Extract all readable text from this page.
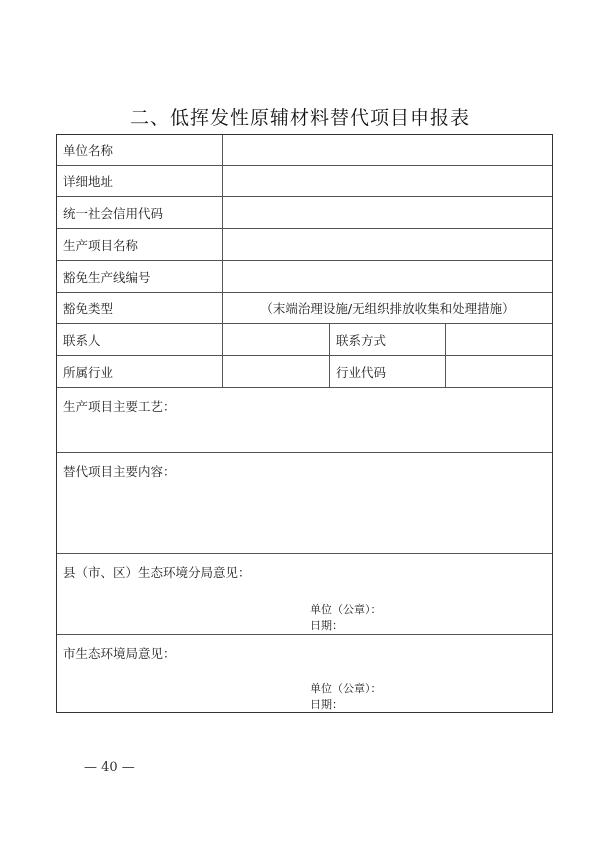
二、低挥发性原辅材料替代项目申报表
单位名称
详细地址
统一社会信用代码
生产项目名称
豁免生产线编号
豁免类型	（末端治理设施/无组织排放收集和处理措施）
联系人	联系方式
所属行业	行业代码
生产项目主要工艺：
替代项目主要内容：
县（市、区）生态环境分局意见：
单位（公章）：
日期：
市生态环境局意见：
单位（公章）：
日期：
— 40 —
